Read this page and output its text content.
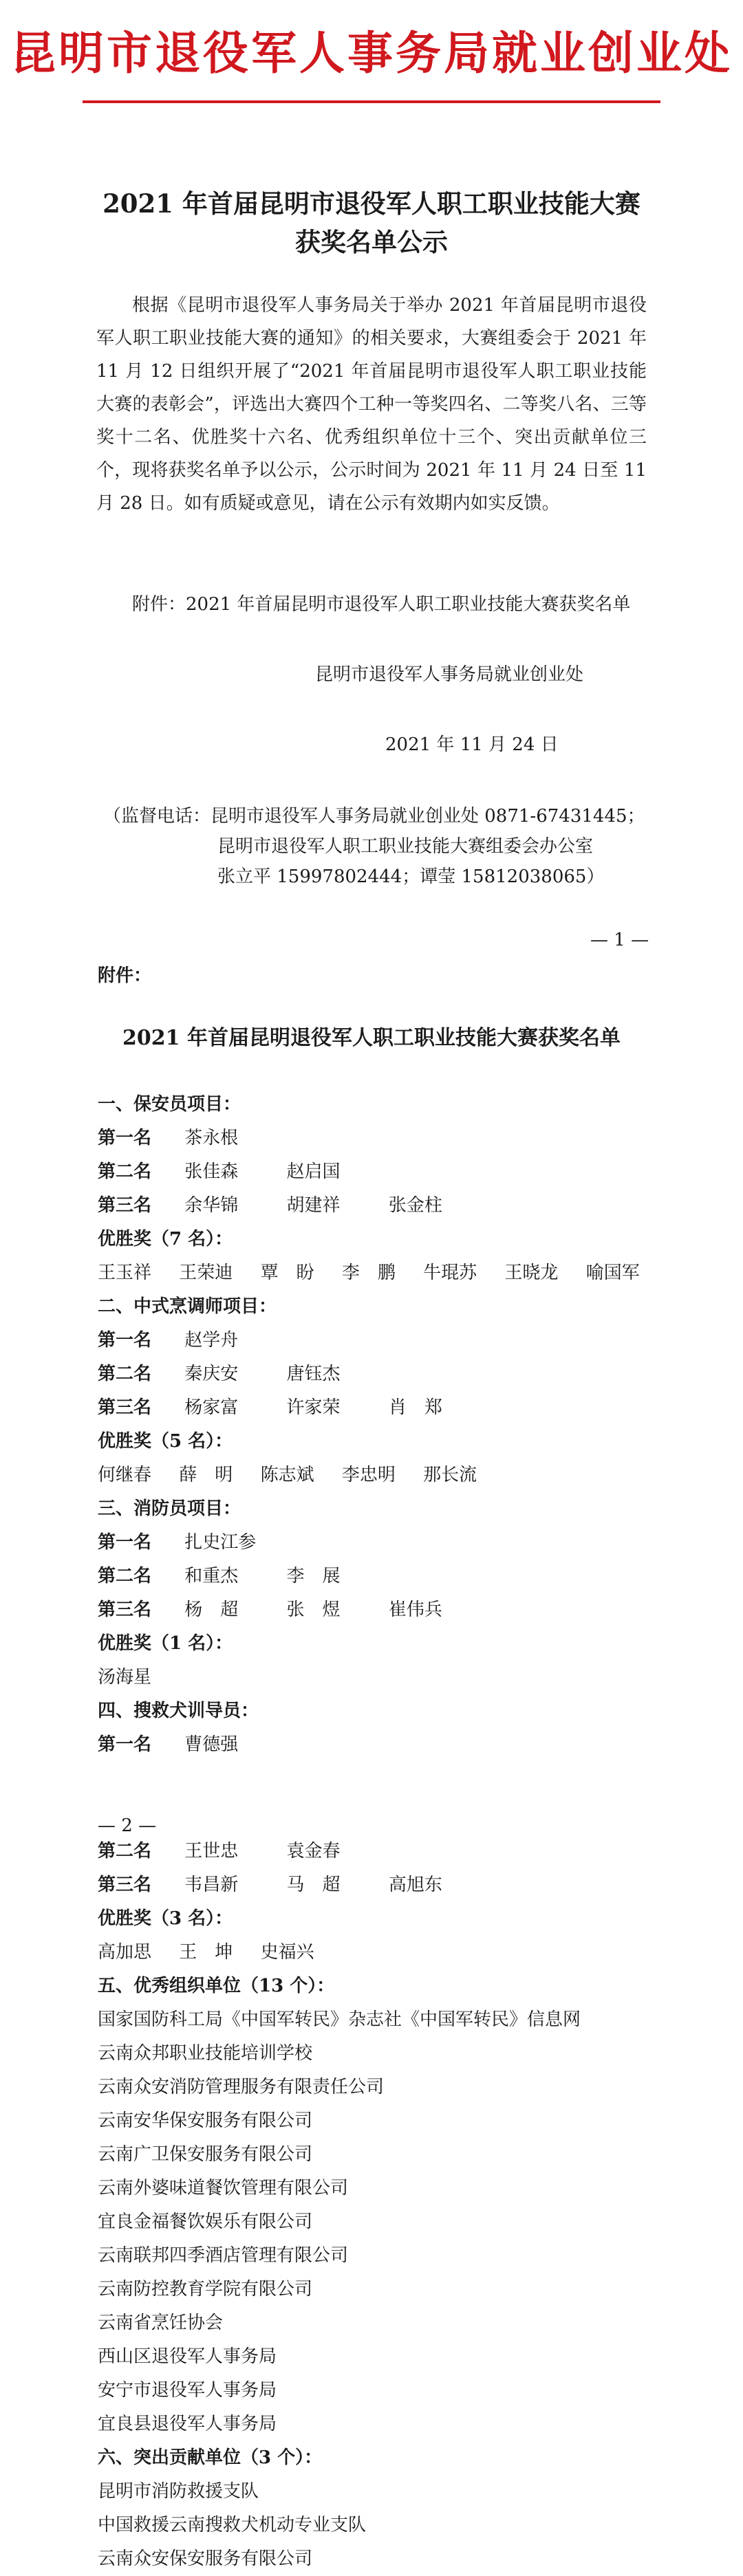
昆明市退役军人事务局就业创业处
2021 年首届昆明市退役军人职工职业技能大赛
获奖名单公示

根据《昆明市退役军人事务局关于举办 2021 年首届昆明市退役军人职工职业技能大赛的通知》的相关要求，大赛组委会于 2021 年 11 月 12 日组织开展了“2021 年首届昆明市退役军人职工职业技能大赛的表彰会”，评选出大赛四个工种一等奖四名、二等奖八名、三等奖十二名、优胜奖十六名、优秀组织单位十三个、突出贡献单位三个，现将获奖名单予以公示，公示时间为 2021 年 11 月 24 日至 11 月 28 日。如有质疑或意见，请在公示有效期内如实反馈。

附件：2021 年首届昆明市退役军人职工职业技能大赛获奖名单
昆明市退役军人事务局就业创业处
2021 年 11 月 24 日
（监督电话：昆明市退役军人事务局就业创业处 0871-67431445；
昆明市退役军人职工职业技能大赛组委会办公室
张立平 15997802444；谭莹 15812038065）
— 1 —
附件：
2021 年首届昆明退役军人职工职业技能大赛获奖名单
一、保安员项目：
第一名 茶永根
第二名 张佳森	赵启国
第三名 余华锦	胡建祥	张金柱
优胜奖（7 名）：
王玉祥 王荣迪 覃　盼 李　鹏 牛琨苏 王晓龙 喻国军
二、中式烹调师项目：
第一名 赵学舟
第二名 秦庆安	唐钰杰
第三名 杨家富	许家荣	肖　郑
优胜奖（5 名）：
何继春 薛　明 陈志斌 李忠明 那长流
三、消防员项目：
第一名 扎史江参
第二名 和重杰	李　展
第三名 杨　超	张　煜	崔伟兵
优胜奖（1 名）：
汤海星
四、搜救犬训导员：
第一名 曹德强
— 2 —
第二名 王世忠	袁金春
第三名 韦昌新	马　超	高旭东
优胜奖（3 名）：
高加思 王　坤 史福兴
五、优秀组织单位（13 个）：
国家国防科工局《中国军转民》杂志社《中国军转民》信息网
云南众邦职业技能培训学校
云南众安消防管理服务有限责任公司
云南安华保安服务有限公司
云南广卫保安服务有限公司
云南外婆味道餐饮管理有限公司
宜良金福餐饮娱乐有限公司
云南联邦四季酒店管理有限公司
云南防控教育学院有限公司
云南省烹饪协会
西山区退役军人事务局
安宁市退役军人事务局
宜良县退役军人事务局
六、突出贡献单位（3 个）：
昆明市消防救援支队
中国救援云南搜救犬机动专业支队
云南众安保安服务有限公司
